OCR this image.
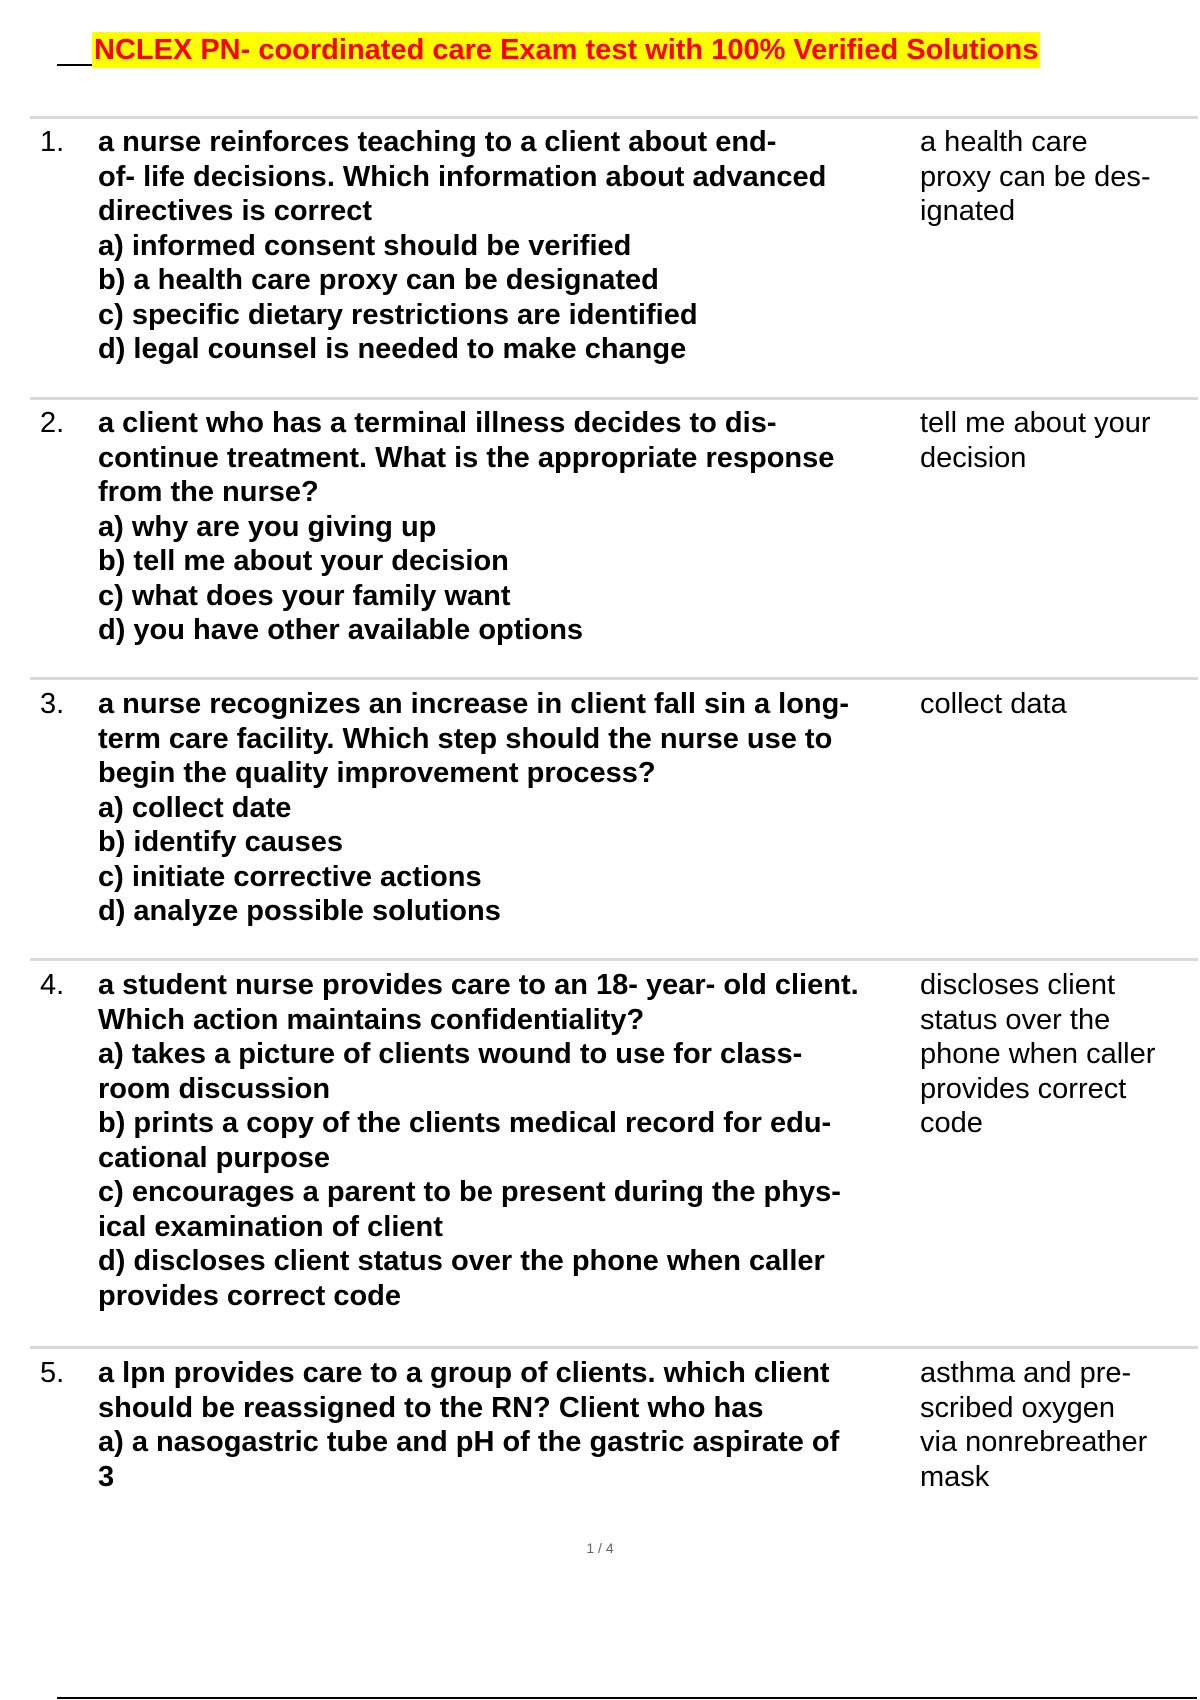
NCLEX PN- coordinated care Exam test with 100% Verified Solutions
1. a nurse reinforces teaching to a client about end-
of- life decisions. Which information about advanced
directives is correct
a) informed consent should be verified
b) a health care proxy can be designated
c) specific dietary restrictions are identified
d) legal counsel is needed to make change
a health care
proxy can be des-
ignated
2. a client who has a terminal illness decides to dis-
continue treatment. What is the appropriate response
from the nurse?
a) why are you giving up
b) tell me about your decision
c) what does your family want
d) you have other available options
tell me about your
decision
3. a nurse recognizes an increase in client fall sin a long-
term care facility. Which step should the nurse use to
begin the quality improvement process?
a) collect date
b) identify causes
c) initiate corrective actions
d) analyze possible solutions
collect data
4. a student nurse provides care to an 18- year- old client.
Which action maintains confidentiality?
a) takes a picture of clients wound to use for class-
room discussion
b) prints a copy of the clients medical record for edu-
cational purpose
c) encourages a parent to be present during the phys-
ical examination of client
d) discloses client status over the phone when caller
provides correct code
discloses client
status over the
phone when caller
provides correct
code
5. a lpn provides care to a group of clients. which client
should be reassigned to the RN? Client who has
a) a nasogastric tube and pH of the gastric aspirate of
3
asthma and pre-
scribed oxygen
via nonrebreather
mask
1 / 4
